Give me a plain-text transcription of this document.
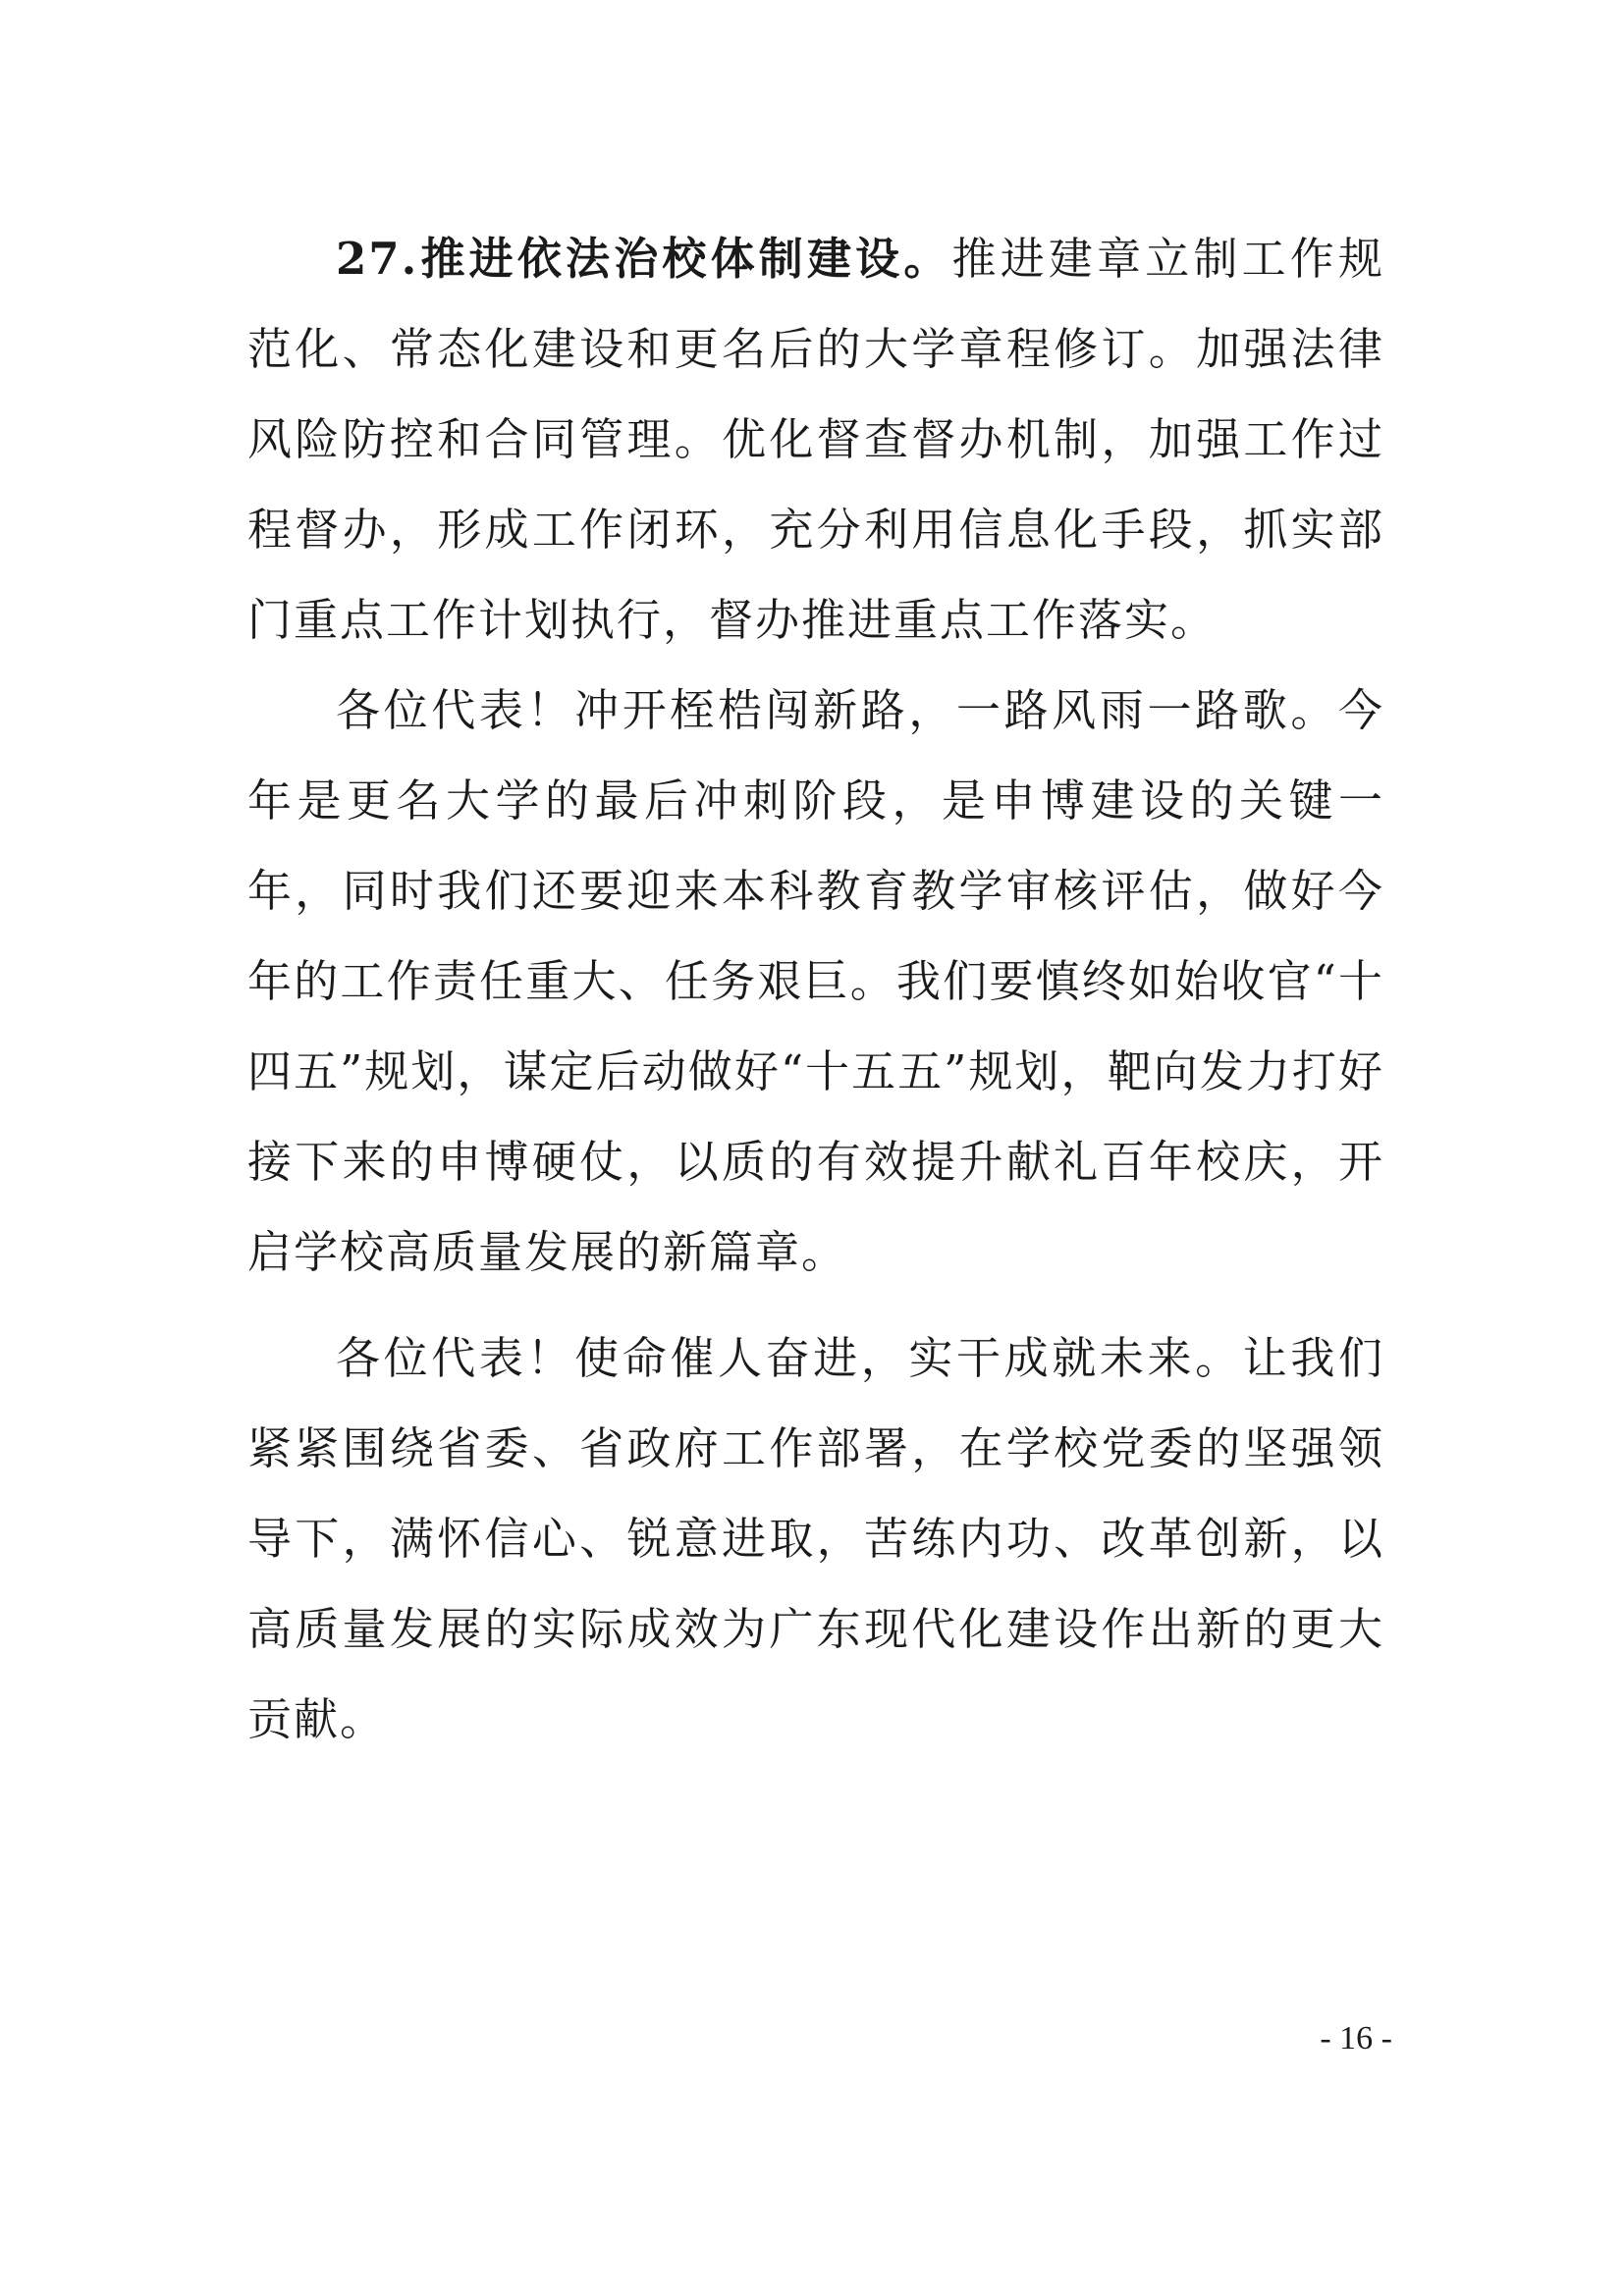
27.推进依法治校体制建设。推进建章立制工作规范化、常态化建设和更名后的大学章程修订。加强法律风险防控和合同管理。优化督查督办机制，加强工作过程督办，形成工作闭环，充分利用信息化手段，抓实部门重点工作计划执行，督办推进重点工作落实。

各位代表！冲开桎梏闯新路，一路风雨一路歌。今年是更名大学的最后冲刺阶段，是申博建设的关键一年，同时我们还要迎来本科教育教学审核评估，做好今年的工作责任重大、任务艰巨。我们要慎终如始收官“十四五”规划，谋定后动做好“十五五”规划，靶向发力打好接下来的申博硬仗，以质的有效提升献礼百年校庆，开启学校高质量发展的新篇章。

各位代表！使命催人奋进，实干成就未来。让我们紧紧围绕省委、省政府工作部署，在学校党委的坚强领导下，满怀信心、锐意进取，苦练内功、改革创新，以高质量发展的实际成效为广东现代化建设作出新的更大贡献。

- 16 -
